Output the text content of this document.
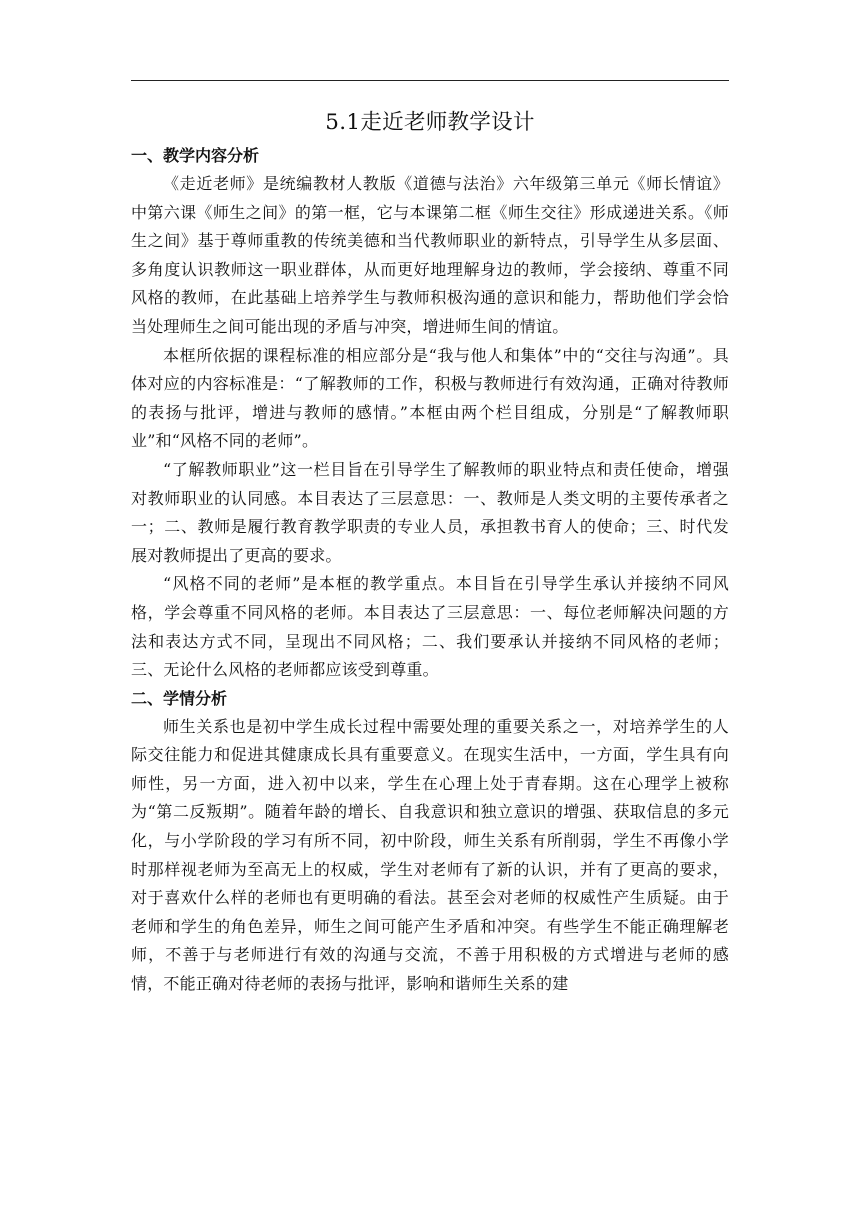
5.1走近老师教学设计
一、教学内容分析

《走近老师》是统编教材人教版《道德与法治》六年级第三单元《师长情谊》中第六课《师生之间》的第一框，它与本课第二框《师生交往》形成递进关系。《师生之间》基于尊师重教的传统美德和当代教师职业的新特点，引导学生从多层面、多角度认识教师这一职业群体，从而更好地理解身边的教师，学会接纳、尊重不同风格的教师，在此基础上培养学生与教师积极沟通的意识和能力，帮助他们学会恰当处理师生之间可能出现的矛盾与冲突，增进师生间的情谊。

本框所依据的课程标准的相应部分是“我与他人和集体”中的“交往与沟通”。具体对应的内容标准是：“了解教师的工作，积极与教师进行有效沟通，正确对待教师的表扬与批评，增进与教师的感情。”本框由两个栏目组成，分别是“了解教师职业”和“风格不同的老师”。

“了解教师职业”这一栏目旨在引导学生了解教师的职业特点和责任使命，增强对教师职业的认同感。本目表达了三层意思：一、教师是人类文明的主要传承者之一；二、教师是履行教育教学职责的专业人员，承担教书育人的使命；三、时代发展对教师提出了更高的要求。

“风格不同的老师”是本框的教学重点。本目旨在引导学生承认并接纳不同风格，学会尊重不同风格的老师。本目表达了三层意思：一、每位老师解决问题的方法和表达方式不同，呈现出不同风格；二、我们要承认并接纳不同风格的老师；三、无论什么风格的老师都应该受到尊重。

二、学情分析

师生关系也是初中学生成长过程中需要处理的重要关系之一，对培养学生的人际交往能力和促进其健康成长具有重要意义。在现实生活中，一方面，学生具有向师性，另一方面，进入初中以来，学生在心理上处于青春期。这在心理学上被称为“第二反叛期”。随着年龄的增长、自我意识和独立意识的增强、获取信息的多元化，与小学阶段的学习有所不同，初中阶段，师生关系有所削弱，学生不再像小学时那样视老师为至高无上的权威，学生对老师有了新的认识，并有了更高的要求，对于喜欢什么样的老师也有更明确的看法。甚至会对老师的权威性产生质疑。由于老师和学生的角色差异，师生之间可能产生矛盾和冲突。有些学生不能正确理解老师，不善于与老师进行有效的沟通与交流，不善于用积极的方式增进与老师的感情，不能正确对待老师的表扬与批评，影响和谐师生关系的建
